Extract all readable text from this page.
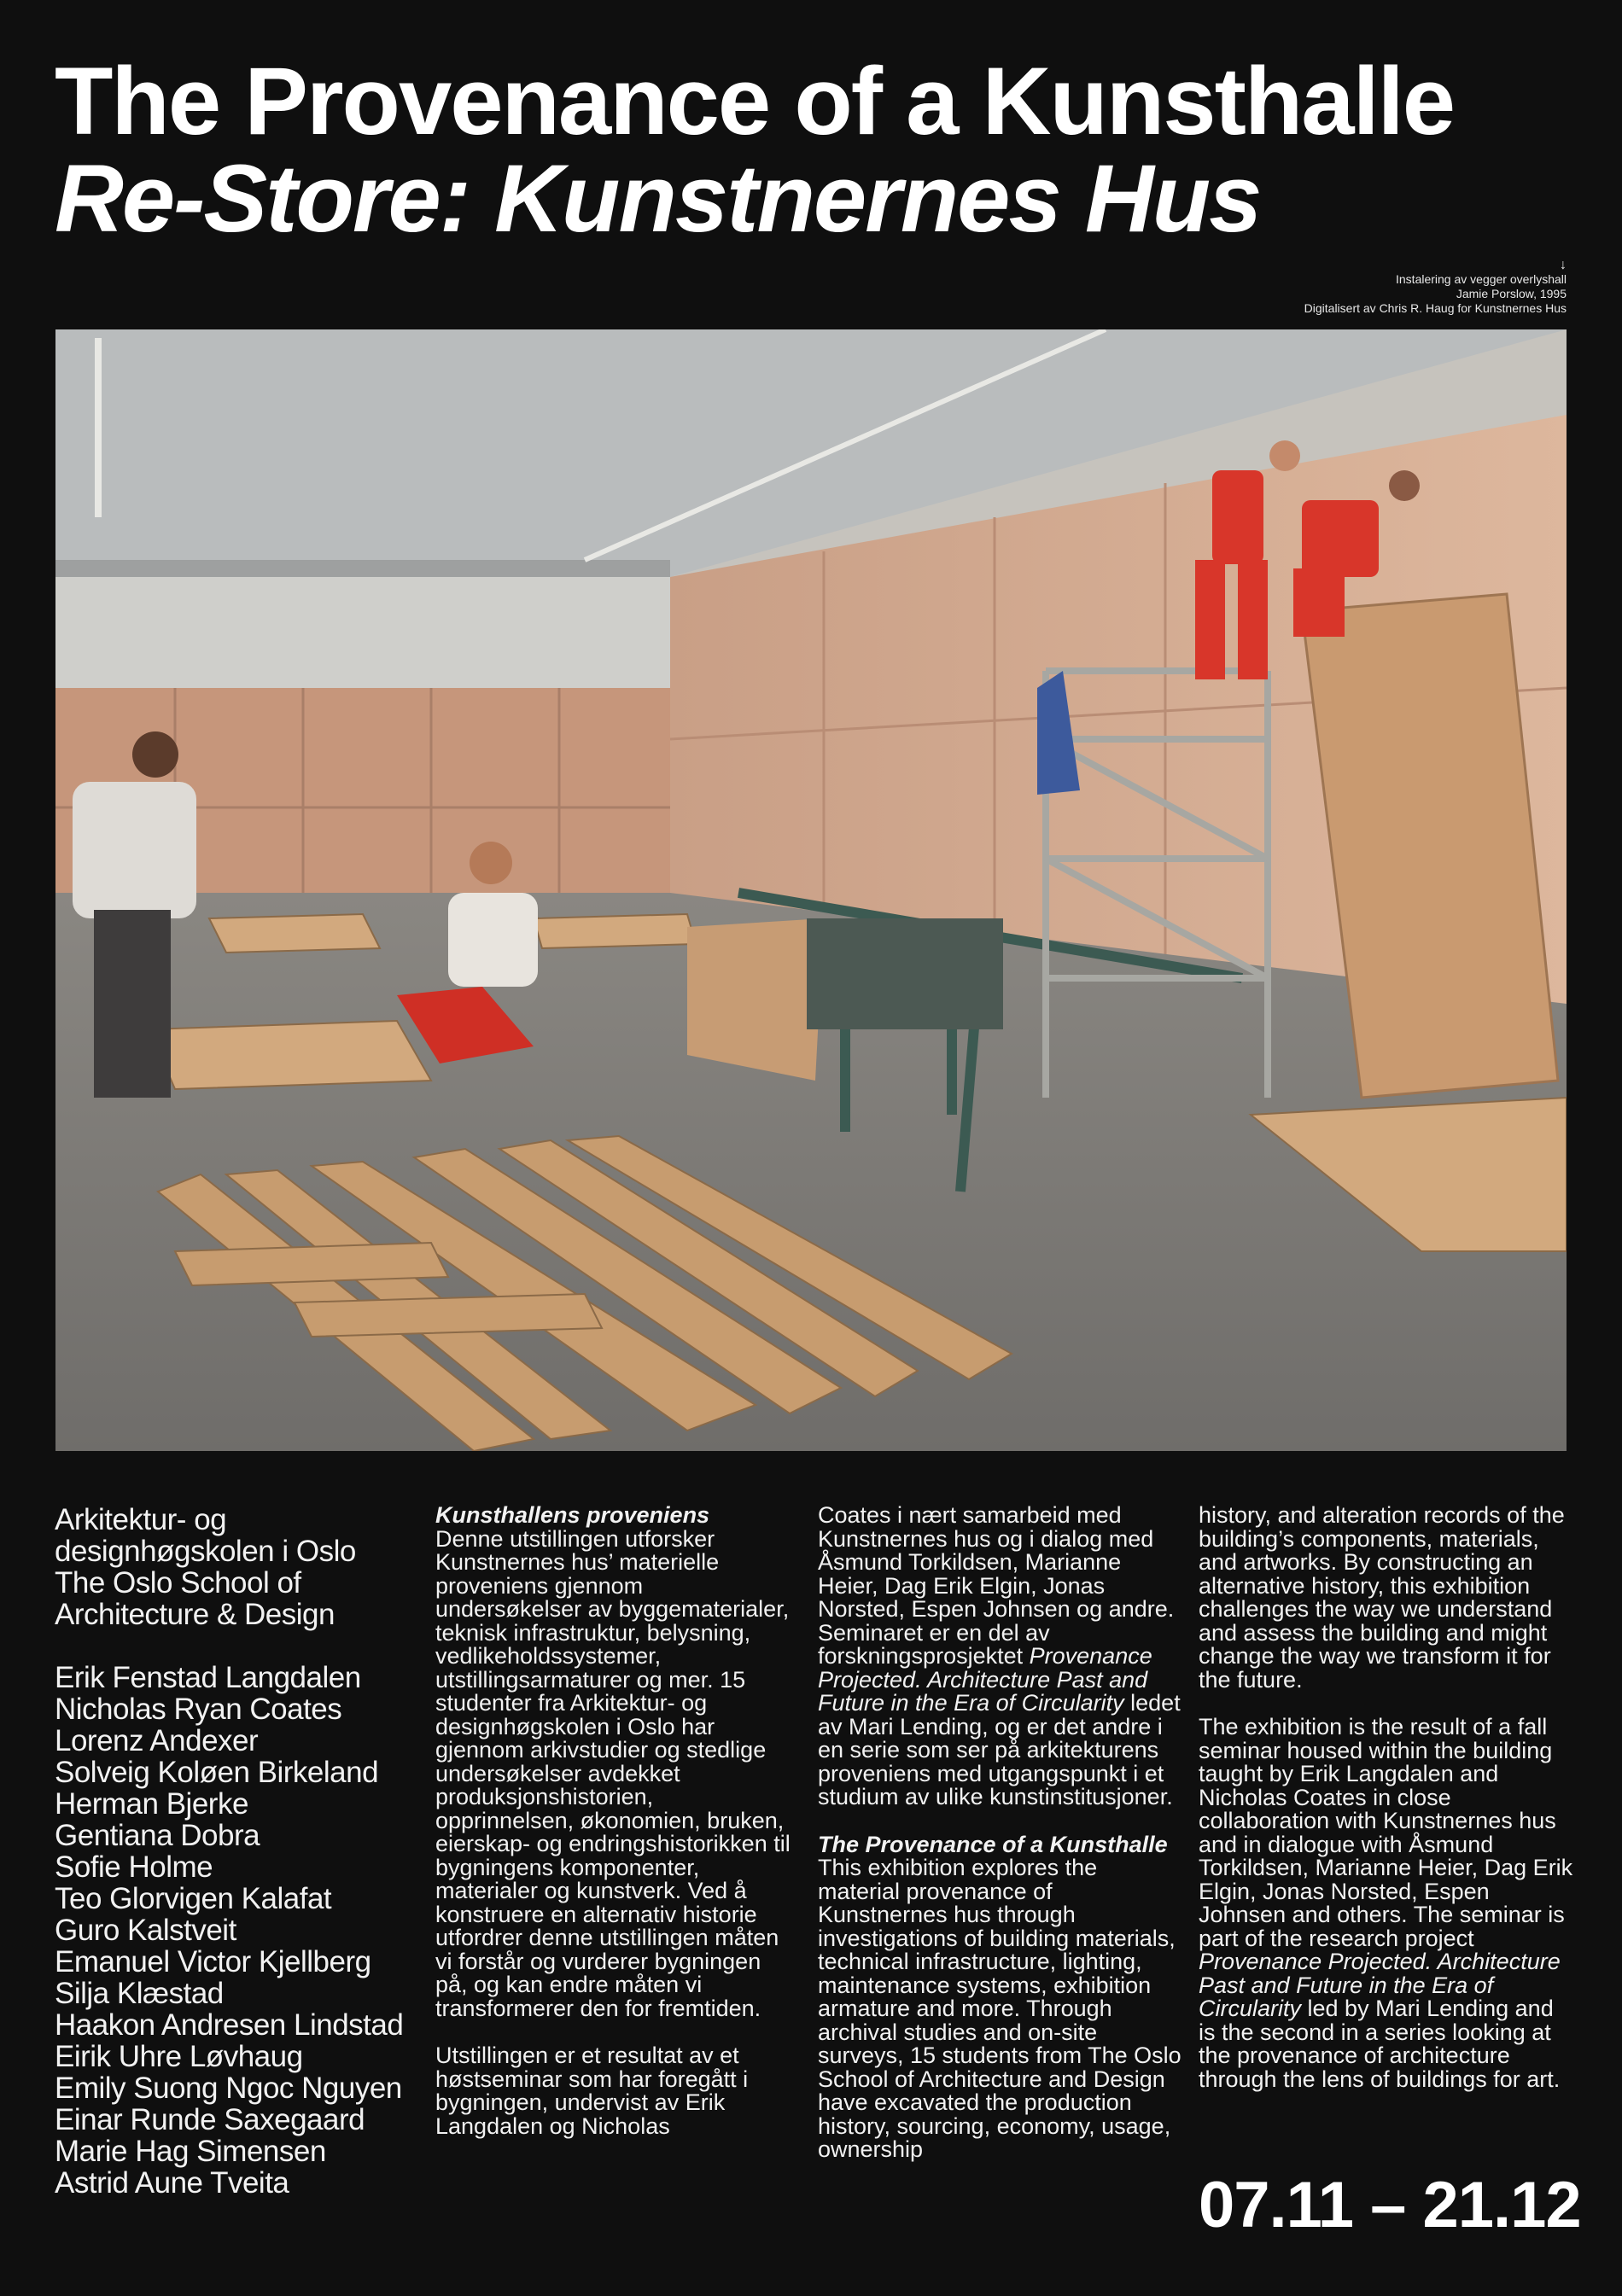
The Provenance of a Kunsthalle
Re-Store: Kunstnernes Hus
↓
Instalering av vegger overlyshall
Jamie Porslow, 1995
Digitalisert av Chris R. Haug for Kunstnernes Hus
Arkitektur- og
designhøgskolen i Oslo
The Oslo School of
Architecture & Design
Erik Fenstad Langdalen
Nicholas Ryan Coates
Lorenz Andexer
Solveig Koløen Birkeland
Herman Bjerke
Gentiana Dobra
Sofie Holme
Teo Glorvigen Kalafat
Guro Kalstveit
Emanuel Victor Kjellberg
Silja Klæstad
Haakon Andresen Lindstad
Eirik Uhre Løvhaug
Emily Suong Ngoc Nguyen
Einar Runde Saxegaard
Marie Hag Simensen
Astrid Aune Tveita
Kunsthallens proveniens

Denne utstillingen utforsker Kunstnernes hus’ materielle proveniens gjennom undersøkelser av byggematerialer, teknisk infrastruktur, belysning, vedlikeholdssystemer, utstillingsarmaturer og mer. 15 studenter fra Arkitektur- og designhøgskolen i Oslo har gjennom arkivstudier og stedlige undersøkelser avdekket produksjonshistorien, opprinnelsen, økonomien, bruken, eierskap- og endringshistorikken til bygningens komponenter, materialer og kunstverk. Ved å konstruere en alternativ historie utfordrer denne utstillingen måten vi forstår og vurderer bygningen på, og kan endre måten vi transformerer den for fremtiden.

Utstillingen er et resultat av et høstseminar som har foregått i bygningen, undervist av Erik Langdalen og Nicholas

Coates i nært samarbeid med Kunstnernes hus og i dialog med Åsmund Torkildsen, Marianne Heier, Dag Erik Elgin, Jonas Norsted, Espen Johnsen og andre. Seminaret er en del av forskningsprosjektet Provenance Projected. Architecture Past and Future in the Era of Circularity ledet av Mari Lending, og er det andre i en serie som ser på arkitekturens proveniens med utgangspunkt i et studium av ulike kunstinstitusjoner.

The Provenance of a Kunsthalle

This exhibition explores the material provenance of Kunstnernes hus through investigations of building materials, technical infrastructure, lighting, maintenance systems, exhibition armature and more. Through archival studies and on-site surveys, 15 students from The Oslo School of Architecture and Design have excavated the production history, sourcing, economy, usage, ownership

history, and alteration records of the building’s components, materials, and artworks. By constructing an alternative history, this exhibition challenges the way we understand and assess the building and might change the way we transform it for the future.

The exhibition is the result of a fall seminar housed within the building taught by Erik Langdalen and Nicholas Coates in close collaboration with Kunstnernes hus and in dialogue with Åsmund Torkildsen, Marianne Heier, Dag Erik Elgin, Jonas Norsted, Espen Johnsen and others. The seminar is part of the research project Provenance Projected. Architecture Past and Future in the Era of Circularity led by Mari Lending and is the second in a series looking at the provenance of architecture through the lens of buildings for art.

07.11 – 21.12
